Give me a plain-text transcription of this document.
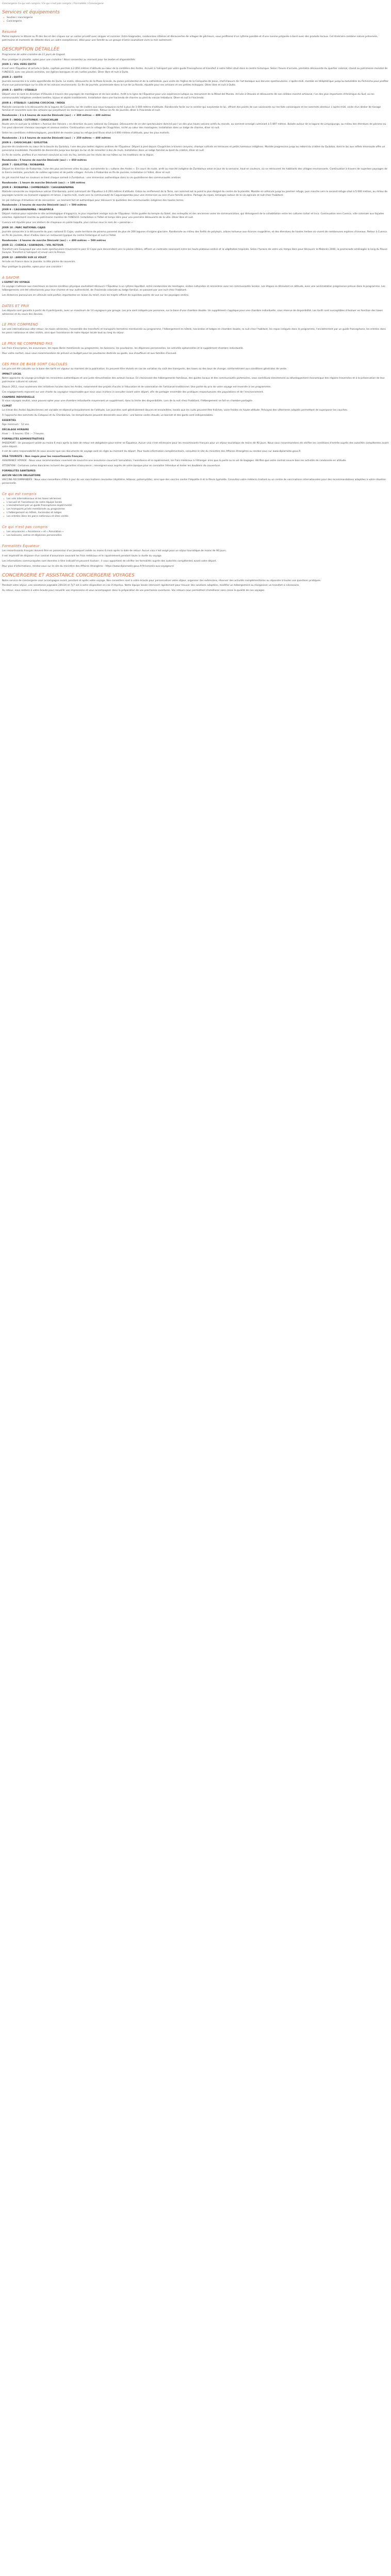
Conciergerie Ce qui est compris / Ce qui n'est pas compris / Formalités / Conciergerie

Services et équipements
• Soutien / conciergerie
• Conciergerie
Résumé

Partez explorer le littoral au fil des îles et des criques sur un voilier privatif avec skipper et cuisinier. Entre baignades, randonnées côtières et découvertes de villages de pêcheurs, vous profiterez d'un rythme paisible et d'une cuisine préparée à bord avec des produits locaux. Cet itinéraire combine nature préservée, patrimoine et moments de détente dans un cadre exceptionnel, idéal pour une famille ou un groupe d'amis souhaitant vivre la mer autrement.

DESCRIPTION DÉTAILLÉE

Programme de votre croisière de 11 jours de Gageat

Pour protéger la planète, optez pour une croisière ! Nous consentez au moment pour les textes et disponibilités

JOUR 1 : VOL VERS QUITO

Envol vers l'Équateur et arrivée à Quito, capitale perchée à 2 850 mètres d'altitude au cœur de la cordillère des Andes. Accueil à l'aéroport par votre guide francophone et transfert à votre hôtel situé dans le centre historique. Selon l'heure d'arrivée, première découverte du quartier colonial, classé au patrimoine mondial de l'UNESCO, avec ses places animées, ses églises baroques et ses ruelles pavées. Dîner libre et nuit à Quito.

JOUR 2 : QUITO

Journée consacrée à la visite approfondie de Quito. Le matin, découverte de la Plaza Grande, du palais présidentiel et de la cathédrale, puis visite de l'église de la Compañía de Jesús, chef-d'œuvre de l'art baroque aux dorures spectaculaires. L'après-midi, montée en téléphérique jusqu'au belvédère du Pichincha pour profiter d'une vue panoramique sur la ville et les volcans environnants. En fin de journée, promenade dans la rue de La Ronda, réputée pour ses artisans et ses petites échoppes. Dîner libre et nuit à Quito.

JOUR 3 : QUITO / OTAVALO

Départ vers le nord en direction d'Otavalo à travers des paysages de montagnes et de lacs andins. Arrêt à la ligne de l'Équateur pour une expérience ludique au monument de la Mitad del Mundo. Arrivée à Otavalo et découverte de son célèbre marché artisanal, l'un des plus importants d'Amérique du Sud, où les communautés indigènes vendent textiles, bijoux et objets traditionnels. Installation dans une hacienda de charme au pied du volcan Imbabura. Dîner et nuit à l'hacienda.

JOUR 4 : OTAVALO / LAGUNA CUICOCHA / INDEA

Matinée consacrée à la découverte de la lagune de Cuicocha, lac de cratère aux eaux turquoise niché à plus de 3 000 mètres d'altitude. Randonnée facile sur le sentier qui surplombe le lac, offrant des points de vue saisissants sur les îlots volcaniques et les sommets alentour. L'après-midi, visite d'un atelier de tissage familial et rencontre avec des artisans qui perpétuent les techniques ancestrales. Retour en fin de journée, dîner à l'hacienda et nuit.

Randonnée : 3 à 4 heures de marche Dénivelé (asc) : + 300 mètres — 400 mètres

JOUR 5 : INDEA / COTOPAXI / CHUGCHILAN

Route vers le sud par la célèbre « Avenue des Volcans » en direction du parc national du Cotopaxi. Découverte de ce site spectaculaire dominé par l'un des plus hauts volcans actifs du monde, au sommet enneigé culminant à 5 897 mètres. Balade autour de la lagune de Limpiopungo, au milieu des étendues de páramo où l'on peut observer chevaux sauvages et oiseaux andins. Continuation vers le village de Chugchilan, niché au cœur des montagnes. Installation dans un lodge de charme, dîner et nuit.

Selon les conditions météorologiques, possibilité de monter jusqu'au refuge José Rivas situé à 4 800 mètres d'altitude, pour les plus motivés.

Randonnée : 3 à 4 heures de marche Dénivelé (asc) : + 250 mètres — 400 mètres

JOUR 6 : CHUGCHILAN / QUILOTOA

Journée de randonnée au cœur de la boucle du Quilotoa, l'une des plus belles régions andines de l'Équateur. Départ à pied depuis Chugchilan à travers canyons, champs cultivés en terrasses et petits hameaux indigènes. Montée progressive jusqu'au rebord du cratère du Quilotoa, dont le lac aux reflets émeraude offre un panorama inoubliable. Possibilité de descendre jusqu'aux berges du lac et de remonter à dos de mule. Installation dans un lodge familial au bord du cratère, dîner et nuit.

En fin de soirée, profitez d'un moment convivial au coin du feu, bercés par les récits de nos hôtes sur les traditions de la région.

Randonnée : 5 heures de marche Dénivelé (asc) : + 850 mètres

JOUR 7 : QUILOTOA / RIOBAMBA

Départ en direction de Riobamba, l'une des plus anciennes villes du pays, surnommée la « sultane des Andes ». En cours de route, arrêt au marché indigène de Zumbahua selon le jour de la semaine, haut en couleurs, où se retrouvent les habitants des villages environnants. Continuation à travers de superbes paysages de la Sierra centrale, ponctués de vallées agricoles et de petits villages. Arrivée à Riobamba en fin de journée, installation à l'hôtel, dîner et nuit.

Un joli marché haut en couleurs se tient chaque samedi à Zumbahua : une immersion authentique dans la vie quotidienne des communautés andines.

Randonnée : 1 heure de marche Dénivelé (asc) : + 100 mètres

JOUR 8 : RIOBAMBA / CHIMBORAZO / CAGUANAPAMBA

Matinée consacrée au majestueux volcan Chimborazo, point culminant de l'Équateur à 6 263 mètres d'altitude. Grâce au renflement de la Terre, son sommet est le point le plus éloigné du centre de la planète. Montée en véhicule jusqu'au premier refuge, puis marche vers le second refuge situé à 5 000 mètres, au milieu de paysages lunaires où évoluent vigognes et lamas. L'après-midi, route vers la communauté de Caguanapamba pour une immersion au sein d'une famille andine. Partage du repas, échanges autour de la vie agricole et nuit chez l'habitant.

Un joli mélange d'émotions et de rencontres : un moment fort et authentique pour découvrir le quotidien des communautés indigènes des hautes terres.

Randonnée : 3 heures de marche Dénivelé (asc) : + 500 mètres

JOUR 9 : CAGUANAPAMBA / INGAPIRCA

Départ matinal pour rejoindre le site archéologique d'Ingapirca, le plus important vestige inca de l'Équateur. Visite guidée du temple du Soleil, des entrepôts et des anciennes voies de communication, qui témoignent de la cohabitation entre les cultures cañari et inca. Continuation vers Cuenca, ville coloniale aux façades colorées, également inscrite au patrimoine mondial de l'UNESCO. Installation à l'hôtel et temps libre pour une première découverte de la ville. Dîner libre et nuit.

Cuenca est réputée pour ses ateliers de chapeaux en paille toquilla, plus connus sous le nom de « panamas ».

JOUR 10 : PARC NATIONAL CAJAS

Journée consacrée à la découverte du parc national El Cajas, vaste territoire de páramo parsemé de plus de 200 lagunes d'origine glaciaire. Randonnée au milieu des forêts de polylepis, arbres tortueux aux écorces rougeâtres, et des étendues de hautes herbes où vivent de nombreuses espèces d'oiseaux. Retour à Cuenca en fin de journée, dîner d'adieu dans un restaurant typique du centre historique et nuit à l'hôtel.

Randonnée : 4 heures de marche Dénivelé (asc) : + 400 mètres — 500 mètres

JOUR 11 : CUENCA / GUAYAQUIL / VOL RETOUR

Transfert vers Guayaquil par une route spectaculaire traversant le parc El Cajas puis descendant vers la plaine côtière, offrant un contraste saisissant entre les hauts plateaux andins et la végétation tropicale. Selon l'horaire de votre vol, temps libre pour découvrir le Malecón 2000, la promenade aménagée le long du fleuve Guayas. Transfert à l'aéroport et envol vers la France.

JOUR 12 : ARRIVÉE SUR LE VOLET

Arrivée en France dans la journée, la tête pleine de souvenirs.

Pour protéger la planète, optez pour une croisière !

À SAVOIR

L'ESPRIT DU VOYAGE

Ce voyage s'adresse aux marcheurs en bonne condition physique souhaitant découvrir l'Équateur à un rythme équilibré, entre randonnées de montagne, visites culturelles et rencontres avec les communautés locales. Les étapes se déroulent en altitude, avec une acclimatation progressive prévue dans le programme. Les hébergements ont été sélectionnés pour leur charme et leur authenticité, de l'hacienda coloniale au lodge familial, en passant par une nuit chez l'habitant.

Les distances parcourues en véhicule sont parfois importantes en raison du relief, mais les trajets offrent de superbes points de vue sur les paysages andins.

DATES ET PRIX

Les départs sont garantis à partir de 4 participants, avec un maximum de 14 voyageurs par groupe. Les prix sont indiqués par personne, sur la base d'une chambre double. Un supplément s'applique pour une chambre individuelle, sous réserve de disponibilité. Les tarifs sont susceptibles d'évoluer en fonction des taxes aériennes et du cours des devises.

LE PRIX COMPREND

Les vols internationaux aller-retour, les taxes aériennes, l'ensemble des transferts et transports terrestres mentionnés au programme, l'hébergement en hôtels, haciendas et lodges en chambre double, la nuit chez l'habitant, les repas indiqués dans le programme, l'encadrement par un guide francophone, les entrées dans les parcs nationaux et sites visités, ainsi que l'assistance de notre équipe locale tout au long du séjour.

LE PRIX NE COMPREND PAS

Les frais d'inscription, les assurances, les repas libres mentionnés au programme, les boissons, les pourboires, les dépenses personnelles, les activités optionnelles et le supplément chambre individuelle.

Pour votre confort, nous vous recommandons de prévoir un budget pour les pourboires destinés au guide, aux chauffeurs et aux familles d'accueil.

CES PRIX DE BASE SONT CALCULÉS

Les prix ont été calculés sur la base des tarifs en vigueur au moment de la publication. Ils peuvent être révisés en cas de variation du coût des transports, des taxes ou des taux de change, conformément aux conditions générales de vente.

IMPACT LOCAL

Notre approche du voyage privilégie les rencontres authentiques et une juste rémunération des acteurs locaux. En choisissant des hébergements familiaux, des guides locaux et des communautés partenaires, vous contribuez directement au développement économique des régions traversées et à la préservation de leur patrimoine culturel et naturel.

Depuis 2012, nous soutenons des initiatives locales dans les Andes, notamment des projets d'accès à l'éducation et de valorisation de l'artisanat traditionnel. Une partie du prix de votre voyage est reversée à ces programmes.

Ces engagements reposent sur une charte du voyageur responsable que nous vous invitons à consulter avant votre départ, afin de partager ensemble des pratiques respectueuses des populations et de l'environnement.

CHAMBRE INDIVIDUELLE

Si vous voyagez seul(e), vous pouvez opter pour une chambre individuelle moyennant un supplément, dans la limite des disponibilités. Lors de la nuit chez l'habitant, l'hébergement se fait en chambre partagée.

CLIMAT

Le climat des Andes équatoriennes est variable et dépend principalement de l'altitude. Les journées sont généralement douces et ensoleillées, tandis que les nuits peuvent être fraîches, voire froides en haute altitude. Prévoyez des vêtements adaptés permettant de superposer les couches.

À l'approche des sommets du Cotopaxi et du Chimborazo, les températures peuvent descendre sous zéro : une bonne veste chaude, un bonnet et des gants sont indispensables.

ESSENTIEL

Âge minimum : 12 ans.

DÉCALAGE HORAIRE

Hiver : – 6 heures / Été : – 7 heures.

FORMALITÉS ADMINISTRATIVES

PASSEPORT : Un passeport valide au moins 6 mois après la date de retour est obligatoire pour entrer en Équateur. Aucun visa n'est nécessaire pour les ressortissants français pour un séjour touristique de moins de 90 jours. Nous vous recommandons de vérifier les conditions d'entrée auprès des autorités compétentes avant votre départ.

Il est de votre responsabilité de vous assurer que vos documents de voyage sont en règle au moment du départ. Pour toute information complémentaire, consultez le site du ministère des Affaires étrangères ou rendez-vous sur www.diplomatie.gouv.fr.

VISA TOURISTE : Non requis pour les ressortissants français.

ASSURANCE VOYAGE : Nous vous recommandons vivement de souscrire une assurance couvrant l'annulation, l'assistance et le rapatriement, les frais médicaux à l'étranger ainsi que la perte ou le vol de bagages. Vérifiez que votre contrat couvre bien les activités de randonnée en altitude.

ATTENTION : Certaines cartes bancaires incluent des garanties d'assurance ; renseignez-vous auprès de votre banque pour en connaître l'étendue et éviter les doublons de couverture.

FORMALITÉS SANITAIRES

AUCUN VACCIN OBLIGATOIRE

VACCINS RECOMMANDÉS : Nous vous conseillons d'être à jour de vos vaccinations courantes (diphtérie, tétanos, poliomyélite), ainsi que des vaccins contre l'hépatite A et la fièvre typhoïde. Consultez votre médecin traitant ou un centre de vaccinations internationales pour des recommandations adaptées à votre situation personnelle.

Ce qui est compris
• Les vols internationaux et les taxes aériennes
• L'accueil et l'assistance de notre équipe locale
• L'encadrement par un guide francophone expérimenté
• Les transports privés mentionnés au programme
• L'hébergement en hôtels, haciendas et lodges
• Les entrées dans les parcs nationaux et sites visités
Ce qui n'est pas compris
• Les assurances « Assistance » et « Annulation »
• Les boissons, extras et dépenses personnelles
Formalités Équateur

Les ressortissants français doivent être en possession d'un passeport valide au moins 6 mois après la date de retour. Aucun visa n'est exigé pour un séjour touristique de moins de 90 jours.

Il est impératif de disposer d'un contrat d'assurance couvrant les frais médicaux et le rapatriement pendant toute la durée du voyage.

Les informations communiquées sont données à titre indicatif et peuvent évoluer ; il vous appartient de vérifier les formalités auprès des autorités compétentes avant votre départ.

Pour plus d'informations, rendez-vous sur le site du ministère des Affaires étrangères : https://www.diplomatie.gouv.fr/fr/conseils-aux-voyageurs/

CONCIERGERIE ET ASSISTANCE CONCIERGERIE VOYAGES

Notre service de conciergerie vous accompagne avant, pendant et après votre voyage. Nos conseillers sont à votre écoute pour personnaliser votre séjour, organiser des extensions, réserver des activités complémentaires ou répondre à toutes vos questions pratiques.

Pendant votre séjour, une assistance joignable 24h/24 et 7j/7 est à votre disposition en cas d'imprévu. Notre équipe locale intervient rapidement pour trouver des solutions adaptées, modifier un hébergement ou réorganiser un transfert si nécessaire.

Au retour, nous restons à votre écoute pour recueillir vos impressions et vous accompagner dans la préparation de vos prochaines aventures. Vos retours nous permettent d'améliorer sans cesse la qualité de nos voyages.
